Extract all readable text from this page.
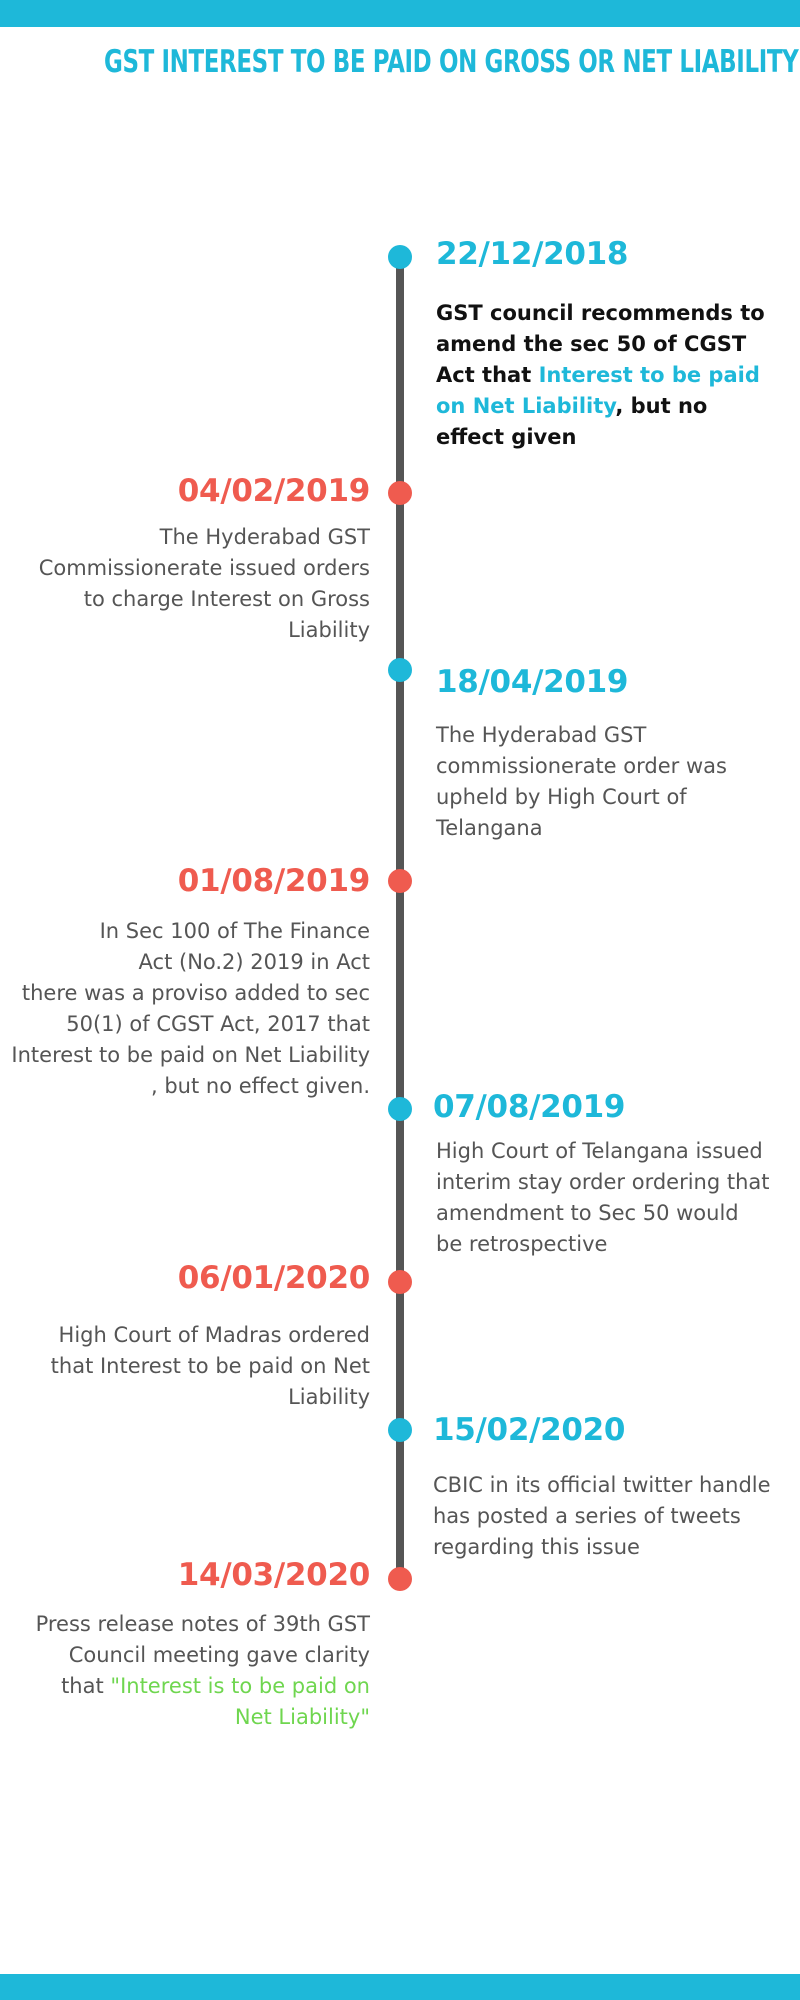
GST INTEREST TO BE PAID ON GROSS OR NET LIABILITY
22/12/2018
GST council recommends to amend the sec 50 of CGST Act that Interest to be paid on Net Liability, but no effect given
04/02/2019
The Hyderabad GST Commissionerate issued orders to charge Interest on Gross Liability
18/04/2019
The Hyderabad GST commissionerate order was upheld by High Court of Telangana
01/08/2019
In Sec 100 of The Finance Act (No.2) 2019 in Act
there was a proviso added to sec 50(1) of CGST Act, 2017 that Interest to be paid on Net Liability , but no effect given.
07/08/2019
High Court of Telangana issued interim stay order ordering that amendment to Sec 50 would be retrospective
06/01/2020
High Court of Madras ordered that Interest to be paid on Net Liability
15/02/2020
CBIC in its official twitter handle has posted a series of tweets regarding this issue
14/03/2020
Press release notes of 39th GST Council meeting gave clarity that "Interest is to be paid on Net Liability"
